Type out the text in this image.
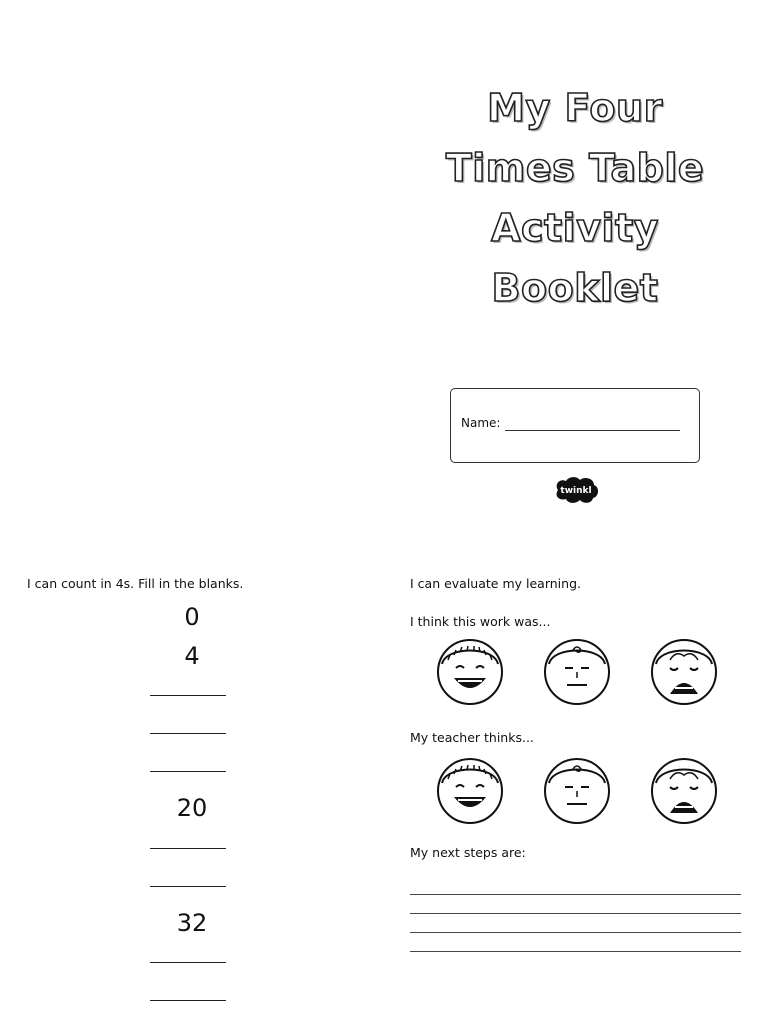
My Four
Times Table
Activity
Booklet
Name:
twinkl
I can count in 4s. Fill in the blanks.
0
4
20
32
I can evaluate my learning.
I think this work was...
My teacher thinks...
My next steps are:
